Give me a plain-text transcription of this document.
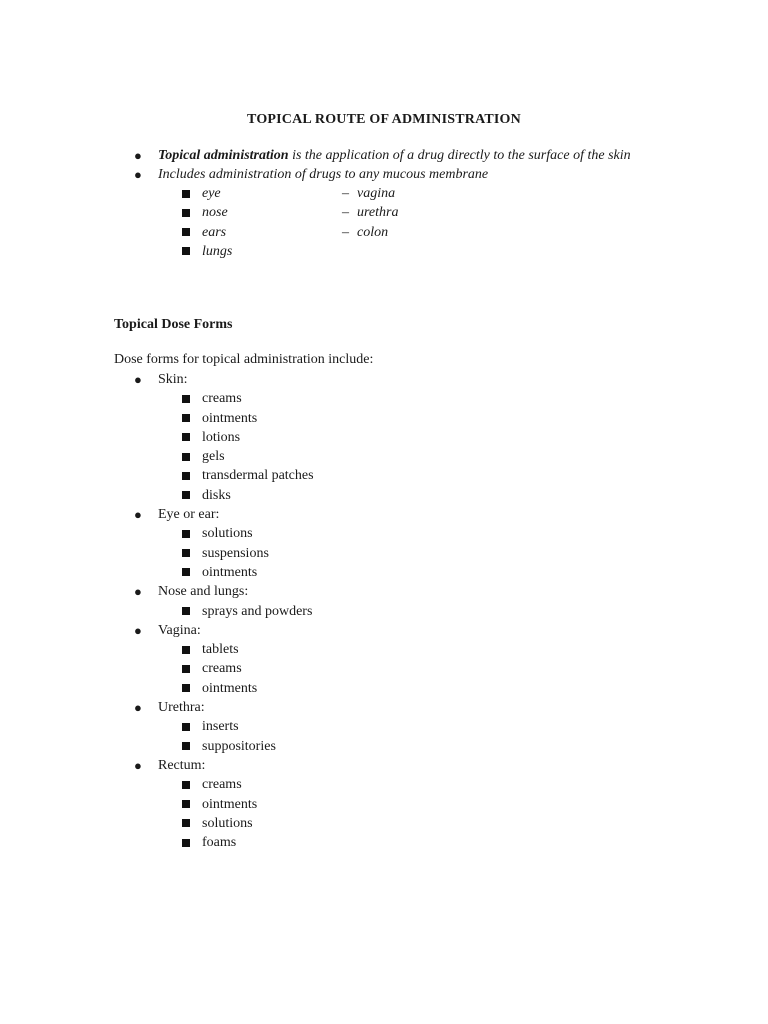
TOPICAL ROUTE OF ADMINISTRATION
● Topical administration is the application of a drug directly to the surface of the skin
● Includes administration of drugs to any mucous membrane
eye	– vagina
nose	– urethra
ears	– colon
lungs
Topical Dose Forms
Dose forms for topical administration include:
● Skin:
creams
ointments
lotions
gels
transdermal patches
disks
● Eye or ear:
solutions
suspensions
ointments
● Nose and lungs:
sprays and powders
● Vagina:
tablets
creams
ointments
● Urethra:
inserts
suppositories
● Rectum:
creams
ointments
solutions
foams
